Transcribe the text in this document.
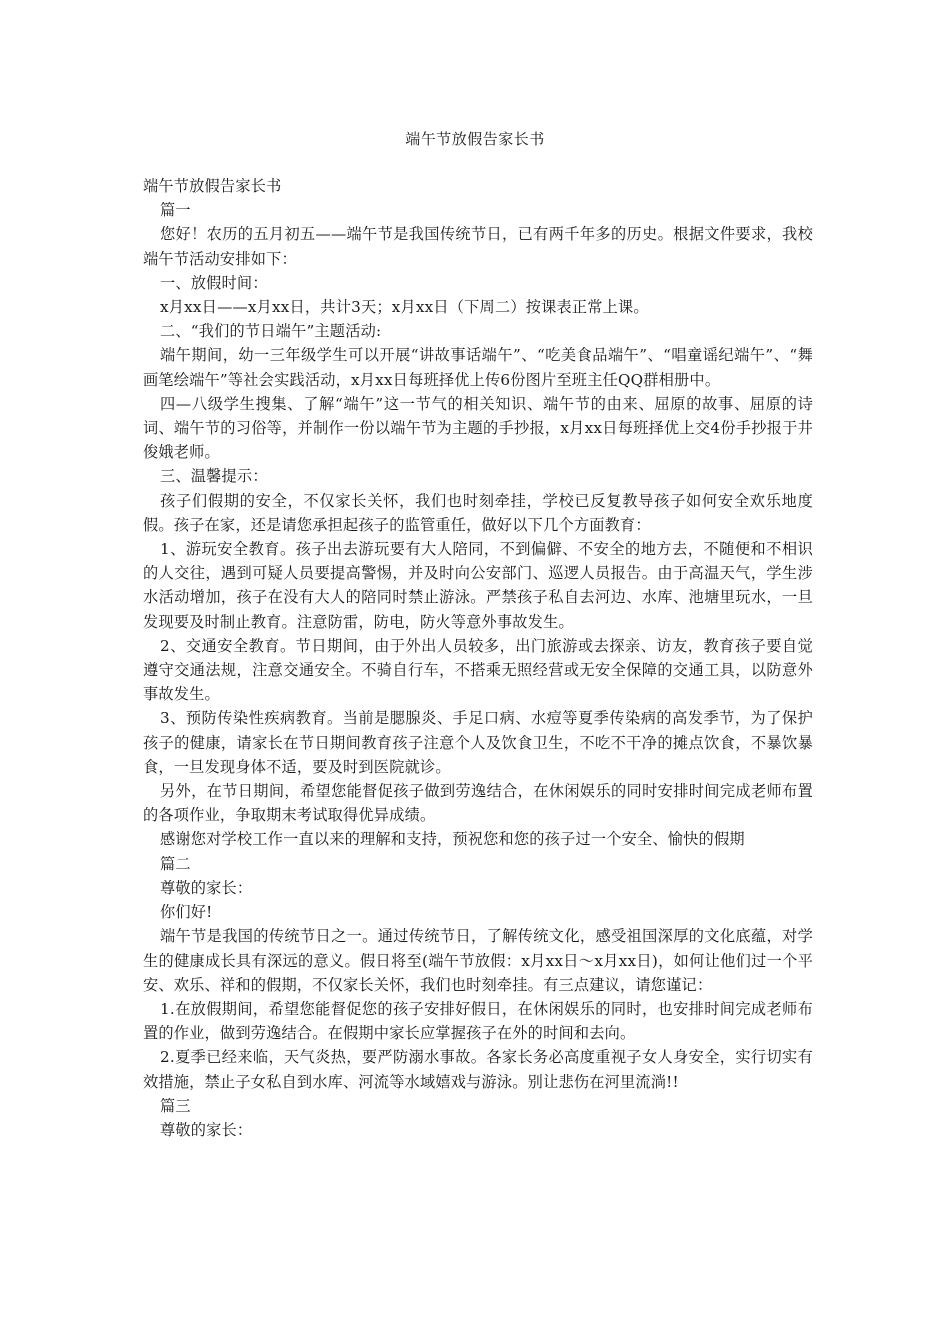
端午节放假告家长书

端午节放假告家长书

篇一

您好！农历的五月初五——端午节是我国传统节日，已有两千年多的历史。根据文件要求，我校端午节活动安排如下：

一、放假时间：

x月xx日——x月xx日，共计3天；x月xx日（下周二）按课表正常上课。

二、“我们的节日端午”主题活动:

端午期间，幼一三年级学生可以开展“讲故事话端午”、“吃美食品端午”、“唱童谣纪端午”、“舞画笔绘端午”等社会实践活动，x月xx日每班择优上传6份图片至班主任QQ群相册中。

四—八级学生搜集、了解“端午”这一节气的相关知识、端午节的由来、屈原的故事、屈原的诗词、端午节的习俗等，并制作一份以端午节为主题的手抄报，x月xx日每班择优上交4份手抄报于井俊娥老师。

三、温馨提示：

孩子们假期的安全，不仅家长关怀，我们也时刻牵挂，学校已反复教导孩子如何安全欢乐地度假。孩子在家，还是请您承担起孩子的监管重任，做好以下几个方面教育：

1、游玩安全教育。孩子出去游玩要有大人陪同，不到偏僻、不安全的地方去，不随便和不相识的人交往，遇到可疑人员要提高警惕，并及时向公安部门、巡逻人员报告。由于高温天气，学生涉水活动增加，孩子在没有大人的陪同时禁止游泳。严禁孩子私自去河边、水库、池塘里玩水，一旦发现要及时制止教育。注意防雷，防电，防火等意外事故发生。

2、交通安全教育。节日期间，由于外出人员较多，出门旅游或去探亲、访友，教育孩子要自觉遵守交通法规，注意交通安全。不骑自行车，不搭乘无照经营或无安全保障的交通工具，以防意外事故发生。

3、预防传染性疾病教育。当前是腮腺炎、手足口病、水痘等夏季传染病的高发季节，为了保护孩子的健康，请家长在节日期间教育孩子注意个人及饮食卫生，不吃不干净的摊点饮食，不暴饮暴食，一旦发现身体不适，要及时到医院就诊。

另外，在节日期间，希望您能督促孩子做到劳逸结合，在休闲娱乐的同时安排时间完成老师布置的各项作业，争取期末考试取得优异成绩。

感谢您对学校工作一直以来的理解和支持，预祝您和您的孩子过一个安全、愉快的假期

篇二

尊敬的家长：

你们好!

端午节是我国的传统节日之一。通过传统节日，了解传统文化，感受祖国深厚的文化底蕴，对学生的健康成长具有深远的意义。假日将至(端午节放假：x月xx日～x月xx日)，如何让他们过一个平安、欢乐、祥和的假期，不仅家长关怀，我们也时刻牵挂。有三点建议，请您谨记：

1.在放假期间，希望您能督促您的孩子安排好假日，在休闲娱乐的同时，也安排时间完成老师布置的作业，做到劳逸结合。在假期中家长应掌握孩子在外的时间和去向。

2.夏季已经来临，天气炎热，要严防溺水事故。各家长务必高度重视子女人身安全，实行切实有效措施，禁止子女私自到水库、河流等水域嬉戏与游泳。别让悲伤在河里流淌!!

篇三

尊敬的家长：
